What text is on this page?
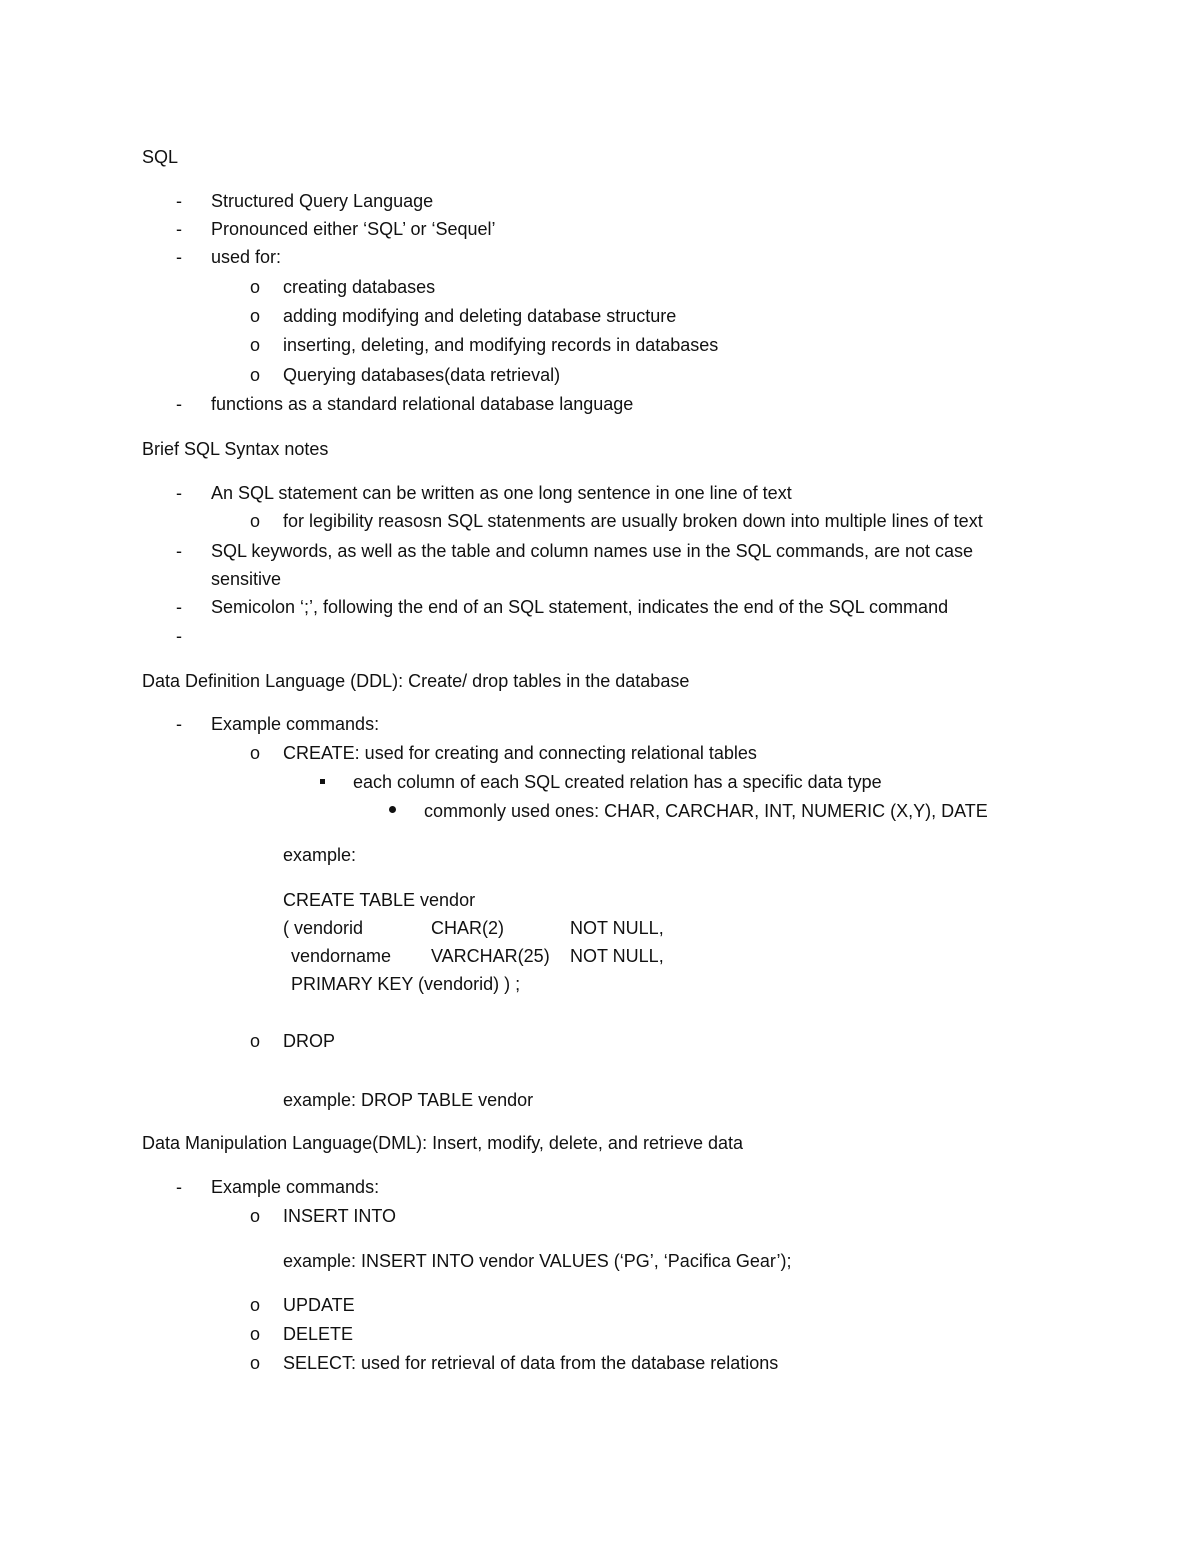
SQL
- Structured Query Language
- Pronounced either ‘SQL’ or ‘Sequel’
- used for:
o creating databases
o adding modifying and deleting database structure
o inserting, deleting, and modifying records in databases
o Querying databases(data retrieval)
- functions as a standard relational database language
Brief SQL Syntax notes
- An SQL statement can be written as one long sentence in one line of text
o for legibility reasosn SQL statenments are usually broken down into multiple lines of text
- SQL keywords, as well as the table and column names use in the SQL commands, are not case
sensitive
- Semicolon ‘;’, following the end of an SQL statement, indicates the end of the SQL command
-
Data Definition Language (DDL): Create/ drop tables in the database
- Example commands:
o CREATE: used for creating and connecting relational tables
each column of each SQL created relation has a specific data type
commonly used ones: CHAR, CARCHAR, INT, NUMERIC (X,Y), DATE
example:
CREATE TABLE vendor
( vendorid	CHAR(2)	NOT NULL,
vendorname VARCHAR(25) NOT NULL,
PRIMARY KEY (vendorid) ) ;
o DROP
example: DROP TABLE vendor
Data Manipulation Language(DML): Insert, modify, delete, and retrieve data
- Example commands:
o INSERT INTO
example: INSERT INTO vendor VALUES (‘PG’, ‘Pacifica Gear’);
o UPDATE
o DELETE
o SELECT: used for retrieval of data from the database relations
